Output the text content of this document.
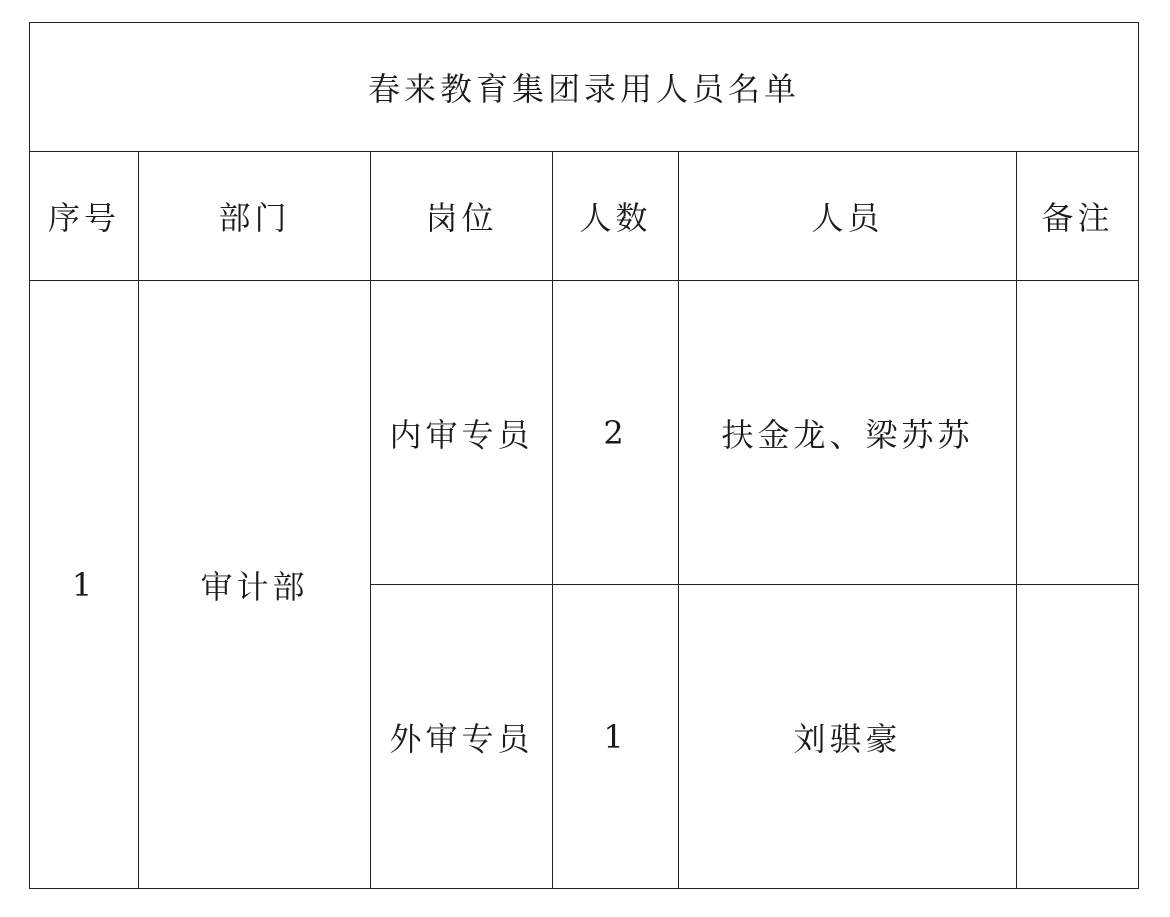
春来教育集团录用人员名单					
序号	部门	岗位	人数	人员	备注
1	审计部	内审专员	2	扶金龙、梁苏苏	
		外审专员	1	刘骐豪	
